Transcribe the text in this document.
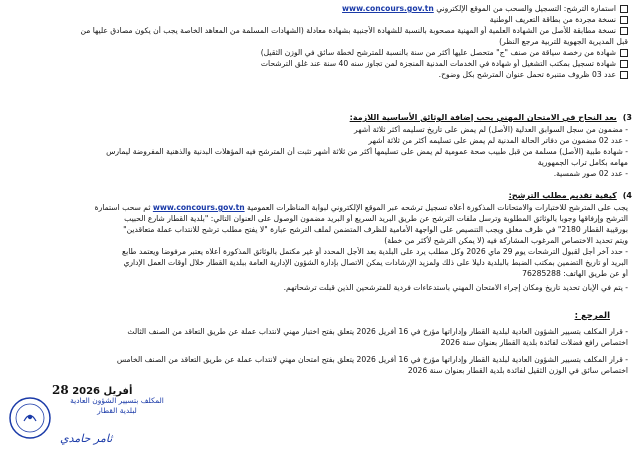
استمارة الترشح: التسجيل والسحب من الموقع الإلكتروني www.concours.gov.tn
نسخة مجردة من بطاقة التعريف الوطنية
نسخة مطابقة للأصل من الشهادة العلمية أو المهنية مصحوبة بالنسبة للشهادة الأجنبية بشهادة معادلة (الشهادات المسلمة من المعاهد الخاصة يجب أن يكون مصادق عليها من
قبل المديرية الجهوية للتربية مرجع النظر)
شهادة من رخصة سياقة من صنف "ج" متحصل عليها أكثر من سنة بالنسبة للمترشح لخطة سائق في الوزن الثقيل)
شهادة تسجيل بمكتب التشغيل أو شهادة في الخدمات المدنية المنجزة لمن تجاوز سنه 40 سنة عند غلق الترشحات
عدد 03 ظروف متنبرة تحمل عنوان المترشح بكل وضوح.
3)بعد النجاح في الامتحان المهني يجب إضافة الوثائق الأساسية اللازمة:
- مضمون من سجل السوابق العدلية (الأصل) لم يمض على تاريخ تسليمه أكثر ثلاثة أشهر
- عدد 02 مضمون من دفاتر الحالة المدنية لم يمض على تسليمه أكثر من ثلاثة أشهر
- شهادة طبية (الأصل) مسلمة من قبل طبيب صحة عمومية لم يمض على تسليمها أكثر من ثلاثة أشهر تثبت أن المترشح فيه المؤهلات البدنية والذهنية المفروضة ليمارس
مهامه بكامل تراب الجمهورية
- عدد 02 صور شمسية.
4)كيفية تقديم مطلب الترشح:
يجب على المترشح للاختبارات والامتحانات المذكورة أعلاه تسجيل ترشحه عبر الموقع الإلكتروني لبوابة المناظرات العمومية www.concours.gov.tn ثم سحب استمارة
الترشح وإرفاقها وجوبا بالوثائق المطلوبة وترسل ملفات الترشح عن طريق البريد السريع أو البريد مضمون الوصول على العنوان التالي: "بلدية القطار شارع الحبيب
بورقيبة القطار 2180" في ظرف مغلق ويجب التنصيص على الواجهة الأمامية للظرف المتضمن لملف الترشح عبارة "لا يفتح مطلب ترشح للانتداب عملة متعاقدين"
ويتم تحديد الاختصاص المرغوب المشاركة فيه (لا يمكن الترشح لأكثر من خطة)
- حدد آخر أجل لقبول الترشحات يوم 29 ماي 2026 وكل مطلب يرد على البلدية بعد الأجل المحدد أو غير مكتمل بالوثائق المذكورة أعلاه يعتبر مرفوضا ويعتمد طابع
البريد أو تاريخ التضمين بمكتب الضبط بالبلدية دليلا على ذلك ولمزيد الإرشادات يمكن الاتصال بإدارة الشؤون الإدارية العامة ببلدية القطار خلال أوقات العمل الإداري
أو عن طريق الهاتف: 76285288
- يتم في الإبان تحديد تاريخ ومكان إجراء الامتحان المهني باستدعاءات فردية للمترشحين الذين قبلت ترشحاتهم.
المرجع :
- قرار المكلف بتسيير الشؤون العادية لبلدية القطار وإداراتها مؤرخ في 16 أفريل 2026 يتعلق بفتح اختبار مهني لانتداب عملة عن طريق التعاقد من الصنف الثالث
اختصاص رافع فضلات لفائدة بلدية القطار بعنوان سنة 2026
- قرار المكلف بتسيير الشؤون العادية لبلدية القطار وإداراتها مؤرخ في 16 أفريل 2026 يتعلق بفتح امتحان مهني لانتداب عملة عن طريق التعاقد من الصنف الخامس
اختصاص سائق في الوزن الثقيل لفائدة بلدية القطار بعنوان سنة 2026
28 أفريل 2026
المكلف بتسيير الشؤون العادية
لبلدية القطار
ثامر حامدي
